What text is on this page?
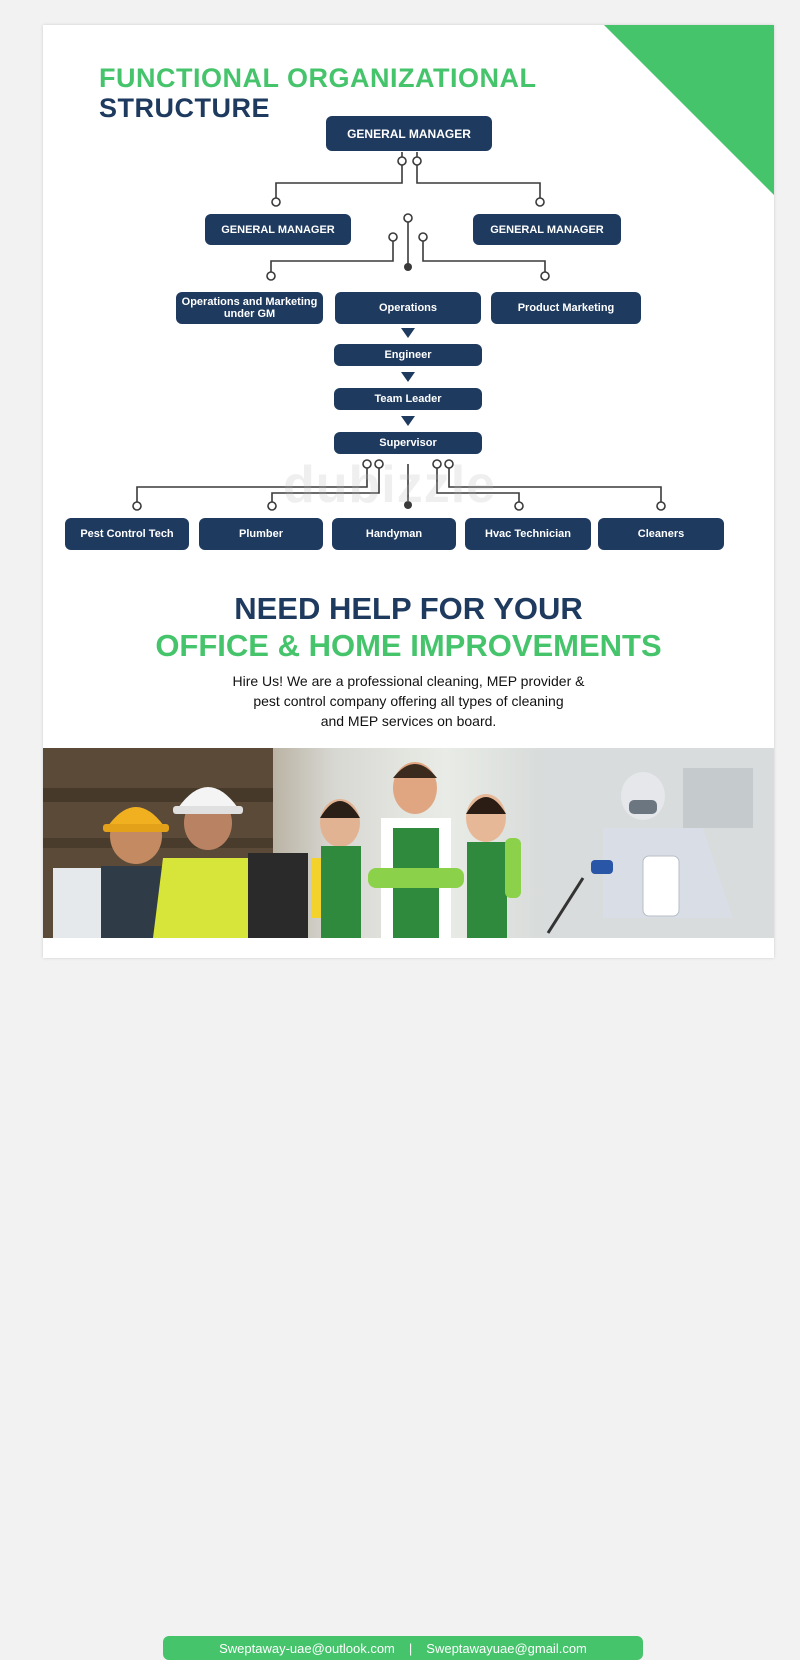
FUNCTIONAL ORGANIZATIONAL
STRUCTURE
GENERAL MANAGER
GENERAL MANAGER	GENERAL MANAGER
Operations and Marketing under GM	Operations	Product Marketing
Engineer
Team Leader
Supervisor
Pest Control Tech	Plumber	Handyman	Hvac Technician	Cleaners
dubizzle
NEED HELP FOR YOUR
OFFICE & HOME IMPROVEMENTS
Hire Us! We are a professional cleaning, MEP provider &
pest control company offering all types of cleaning
and MEP services on board.
Sweptaway-uae@outlook.com | Sweptawayuae@gmail.com
